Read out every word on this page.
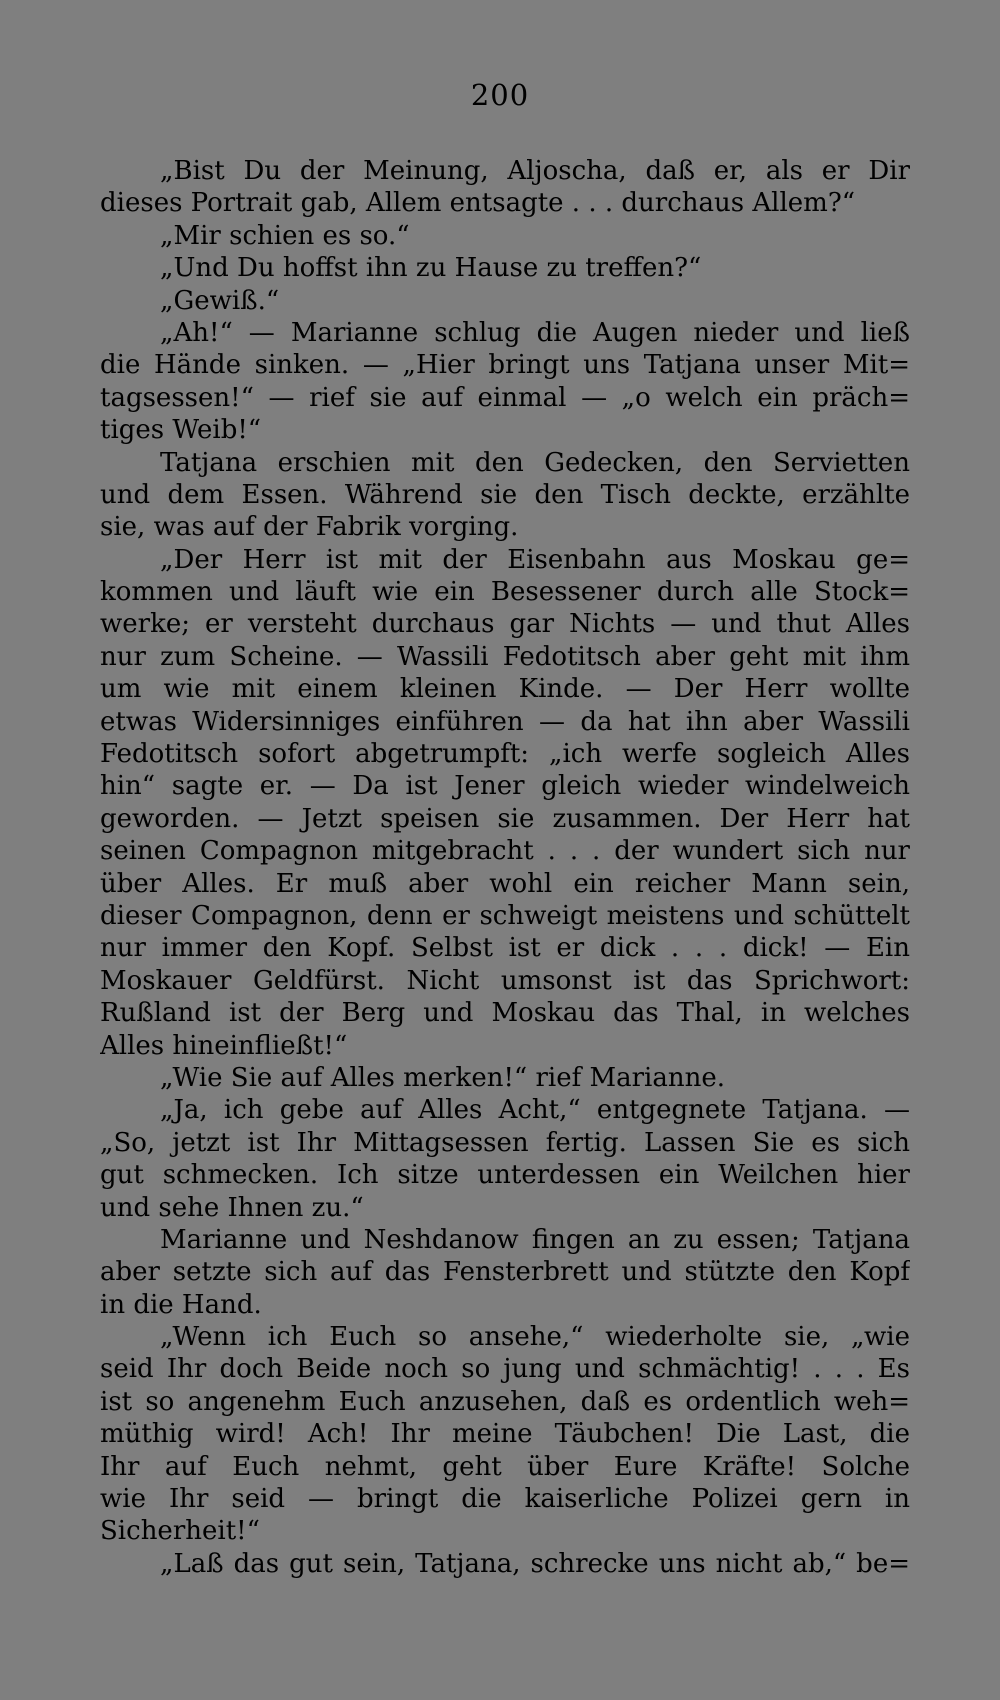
200
„Bist Du der Meinung, Aljoscha, daß er, als er Dir
dieses Portrait gab, Allem entsagte . . . durchaus Allem?“
„Mir schien es so.“
„Und Du hoffst ihn zu Hause zu treffen?“
„Gewiß.“
„Ah!“ — Marianne schlug die Augen nieder und ließ
die Hände sinken. — „Hier bringt uns Tatjana unser Mit=
tagsessen!“ — rief sie auf einmal — „o welch ein präch=
tiges Weib!“
Tatjana erschien mit den Gedecken, den Servietten
und dem Essen. Während sie den Tisch deckte, erzählte
sie, was auf der Fabrik vorging.
„Der Herr ist mit der Eisenbahn aus Moskau ge=
kommen und läuft wie ein Besessener durch alle Stock=
werke; er versteht durchaus gar Nichts — und thut Alles
nur zum Scheine. — Wassili Fedotitsch aber geht mit ihm
um wie mit einem kleinen Kinde. — Der Herr wollte
etwas Widersinniges einführen — da hat ihn aber Wassili
Fedotitsch sofort abgetrumpft: „ich werfe sogleich Alles
hin“ sagte er. — Da ist Jener gleich wieder windelweich
geworden. — Jetzt speisen sie zusammen. Der Herr hat
seinen Compagnon mitgebracht . . . der wundert sich nur
über Alles. Er muß aber wohl ein reicher Mann sein,
dieser Compagnon, denn er schweigt meistens und schüttelt
nur immer den Kopf. Selbst ist er dick . . . dick! — Ein
Moskauer Geldfürst. Nicht umsonst ist das Sprichwort:
Rußland ist der Berg und Moskau das Thal, in welches
Alles hineinfließt!“
„Wie Sie auf Alles merken!“ rief Marianne.
„Ja, ich gebe auf Alles Acht,“ entgegnete Tatjana. —
„So, jetzt ist Ihr Mittagsessen fertig. Lassen Sie es sich
gut schmecken. Ich sitze unterdessen ein Weilchen hier
und sehe Ihnen zu.“
Marianne und Neshdanow fingen an zu essen; Tatjana
aber setzte sich auf das Fensterbrett und stützte den Kopf
in die Hand.
„Wenn ich Euch so ansehe,“ wiederholte sie, „wie
seid Ihr doch Beide noch so jung und schmächtig! . . . Es
ist so angenehm Euch anzusehen, daß es ordentlich weh=
müthig wird! Ach! Ihr meine Täubchen! Die Last, die
Ihr auf Euch nehmt, geht über Eure Kräfte! Solche
wie Ihr seid — bringt die kaiserliche Polizei gern in
Sicherheit!“
„Laß das gut sein, Tatjana, schrecke uns nicht ab,“ be=
